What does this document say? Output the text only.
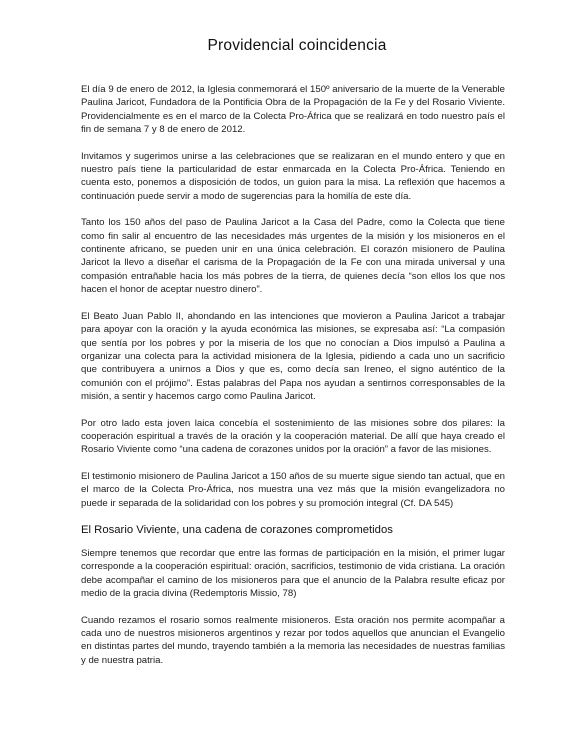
Providencial coincidencia

El día 9 de enero de 2012, la Iglesia conmemorará el 150º aniversario de la muerte de la Venerable Paulina Jaricot, Fundadora de la Pontificia Obra de la Propagación de la Fe y del Rosario Viviente. Providencialmente es en el marco de la Colecta Pro-África que se realizará en todo nuestro país el fin de semana 7 y 8 de enero de 2012.

Invitamos y sugerimos unirse a las celebraciones que se realizaran en el mundo entero y que en nuestro país tiene la particularidad de estar enmarcada en la Colecta Pro-África. Teniendo en cuenta esto, ponemos a disposición de todos, un guion para la misa. La reflexión que hacemos a continuación puede servir a modo de sugerencias para la homilía de este día.

Tanto los 150 años del paso de Paulina Jaricot a la Casa del Padre, como la Colecta que tiene como fin salir al encuentro de las necesidades más urgentes de la misión y los misioneros en el continente africano, se pueden unir en una única celebración. El corazón misionero de Paulina Jaricot la llevo a diseñar el carisma de la Propagación de la Fe con una mirada universal y una compasión entrañable hacia los más pobres de la tierra, de quienes decía “son ellos los que nos hacen el honor de aceptar nuestro dinero”.

El Beato Juan Pablo II, ahondando en las intenciones que movieron a Paulina Jaricot a trabajar para apoyar con la oración y la ayuda económica las misiones, se expresaba así: “La compasión que sentía por los pobres y por la miseria de los que no conocían a Dios impulsó a Paulina a organizar una colecta para la actividad misionera de la Iglesia, pidiendo a cada uno un sacrificio que contribuyera a unirnos a Dios y que es, como decía san Ireneo, el signo auténtico de la comunión con el prójimo”. Estas palabras del Papa nos ayudan a sentirnos corresponsables de la misión, a sentir y hacemos cargo como Paulina Jaricot.

Por otro lado esta joven laica concebía el sostenimiento de las misiones sobre dos pilares: la cooperación espiritual a través de la oración y la cooperación material. De allí que haya creado el Rosario Viviente como “una cadena de corazones unidos por la oración” a favor de las misiones.

El testimonio misionero de Paulina Jaricot a 150 años de su muerte sigue siendo tan actual, que en el marco de la Colecta Pro-África, nos muestra una vez más que la misión evangelizadora no puede ir separada de la solidaridad con los pobres y su promoción integral (Cf. DA 545)

El Rosario Viviente, una cadena de corazones comprometidos

Siempre tenemos que recordar que entre las formas de participación en la misión, el primer lugar corresponde a la cooperación espiritual: oración, sacrificios, testimonio de vida cristiana. La oración debe acompañar el camino de los misioneros para que el anuncio de la Palabra resulte eficaz por medio de la gracia divina (Redemptoris Missio, 78)

Cuando rezamos el rosario somos realmente misioneros. Esta oración nos permite acompañar a cada uno de nuestros misioneros argentinos y rezar por todos aquellos que anuncian el Evangelio en distintas partes del mundo, trayendo también a la memoria las necesidades de nuestras familias y de nuestra patria.
